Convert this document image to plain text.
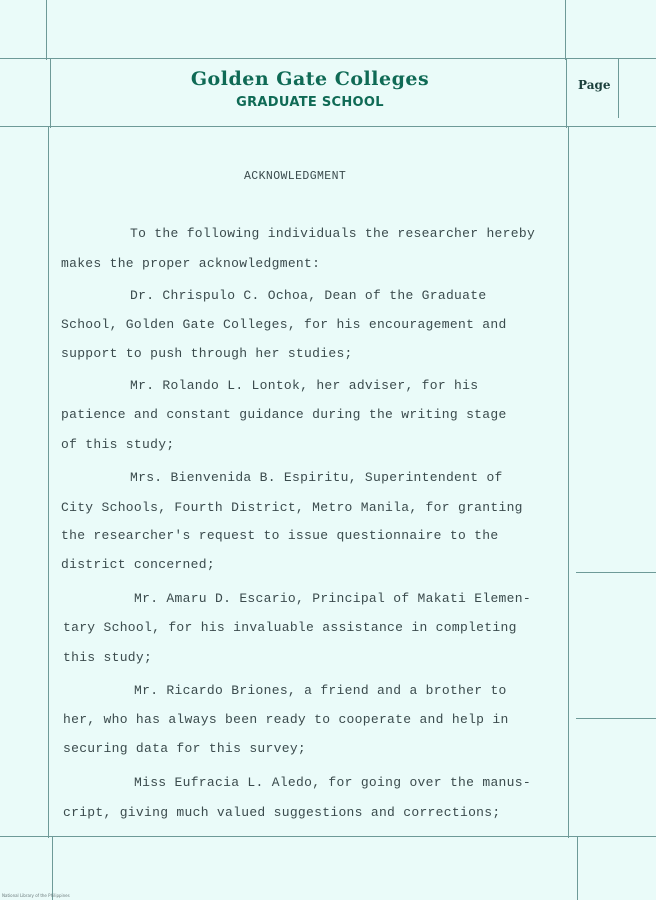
Golden Gate Colleges
GRADUATE SCHOOL
Page
ACKNOWLEDGMENT
To the following individuals the researcher hereby
makes the proper acknowledgment:
Dr. Chrispulo C. Ochoa, Dean of the Graduate
School, Golden Gate Colleges, for his encouragement and
support to push through her studies;
Mr. Rolando L. Lontok, her adviser, for his
patience and constant guidance during the writing stage
of this study;
Mrs. Bienvenida B. Espiritu, Superintendent of
City Schools, Fourth District, Metro Manila, for granting
the researcher's request to issue questionnaire to the
district concerned;
Mr. Amaru D. Escario, Principal of Makati Elemen-
tary School, for his invaluable assistance in completing
this study;
Mr. Ricardo Briones, a friend and a brother to
her, who has always been ready to cooperate and help in
securing data for this survey;
Miss Eufracia L. Aledo, for going over the manus-
cript, giving much valued suggestions and corrections;
National Library of the Philippines
